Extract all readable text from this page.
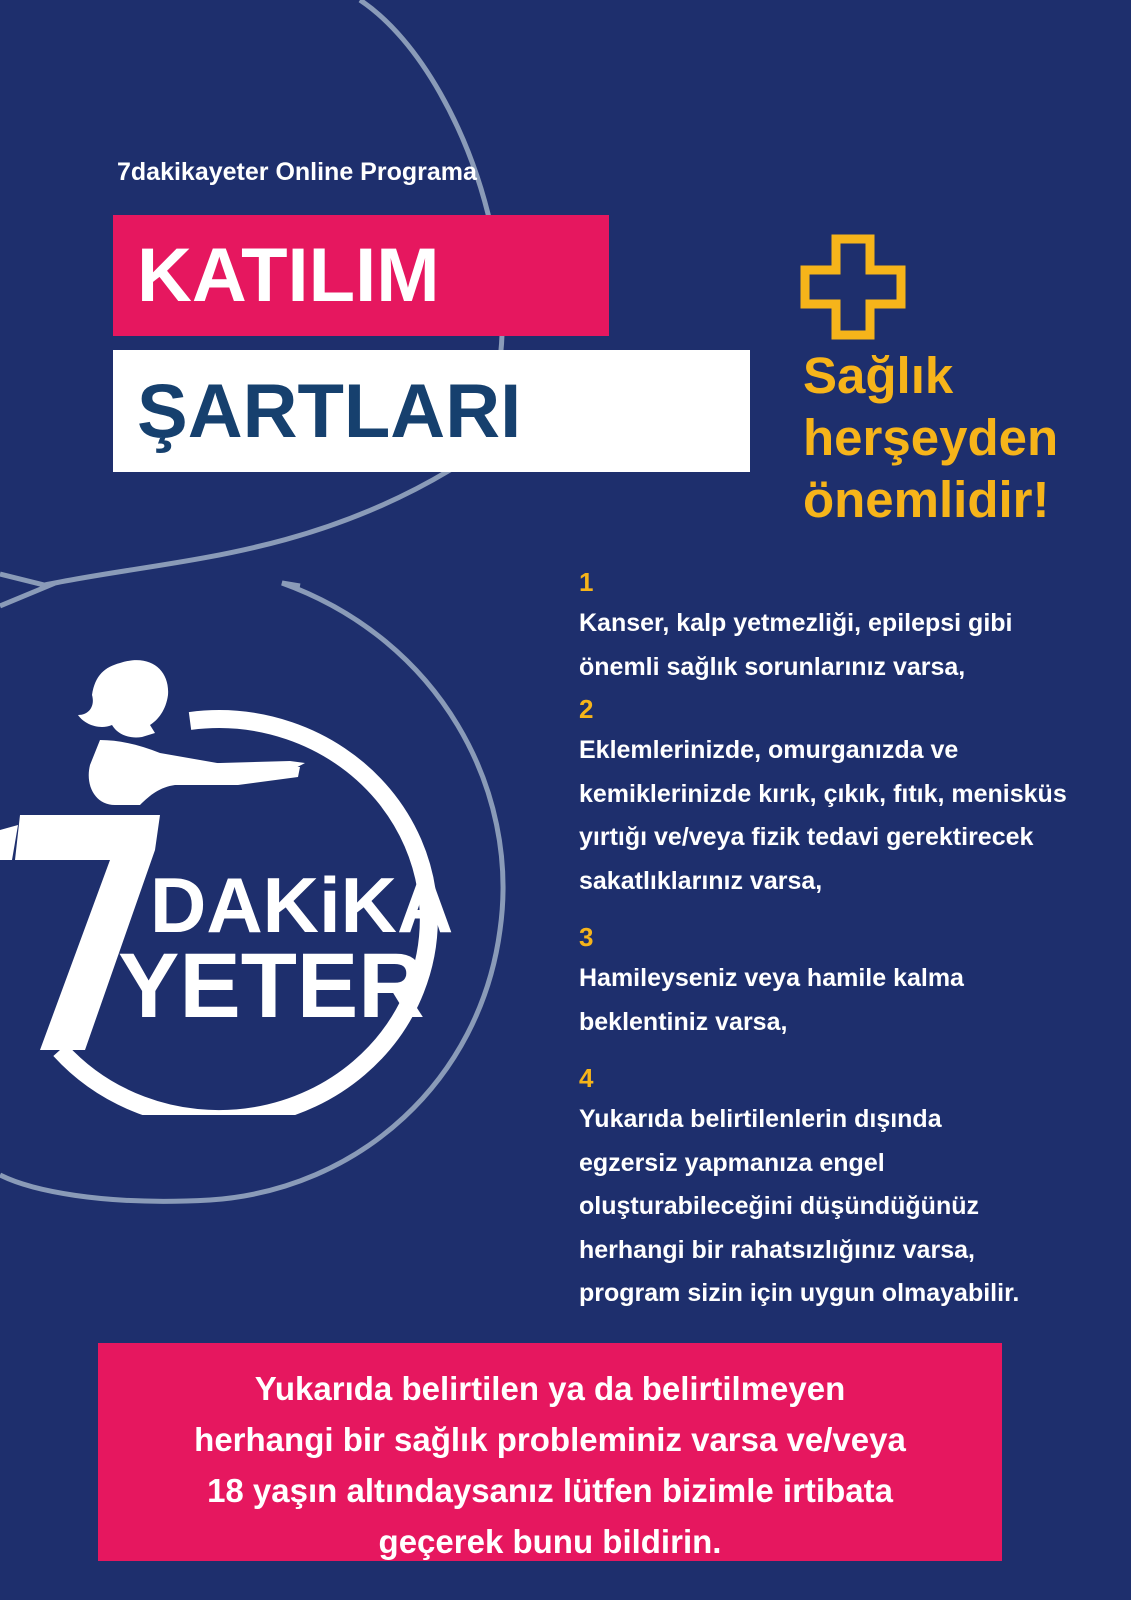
7dakikayeter Online Programa
KATILIM
ŞARTLARI	Sağlık
herşeyden
önemlidir!
DAKiKA
YETER
1
Kanser, kalp yetmezliği, epilepsi gibi
önemli sağlık sorunlarınız varsa,
2
Eklemlerinizde, omurganızda ve
kemiklerinizde kırık, çıkık, fıtık, menisküs
yırtığı ve/veya fizik tedavi gerektirecek
sakatlıklarınız varsa,
3
Hamileyseniz veya hamile kalma
beklentiniz varsa,
4
Yukarıda belirtilenlerin dışında
egzersiz yapmanıza engel
oluşturabileceğini düşündüğünüz
herhangi bir rahatsızlığınız varsa,
program sizin için uygun olmayabilir.
Yukarıda belirtilen ya da belirtilmeyen
herhangi bir sağlık probleminiz varsa ve/veya
18 yaşın altındaysanız lütfen bizimle irtibata
geçerek bunu bildirin.
